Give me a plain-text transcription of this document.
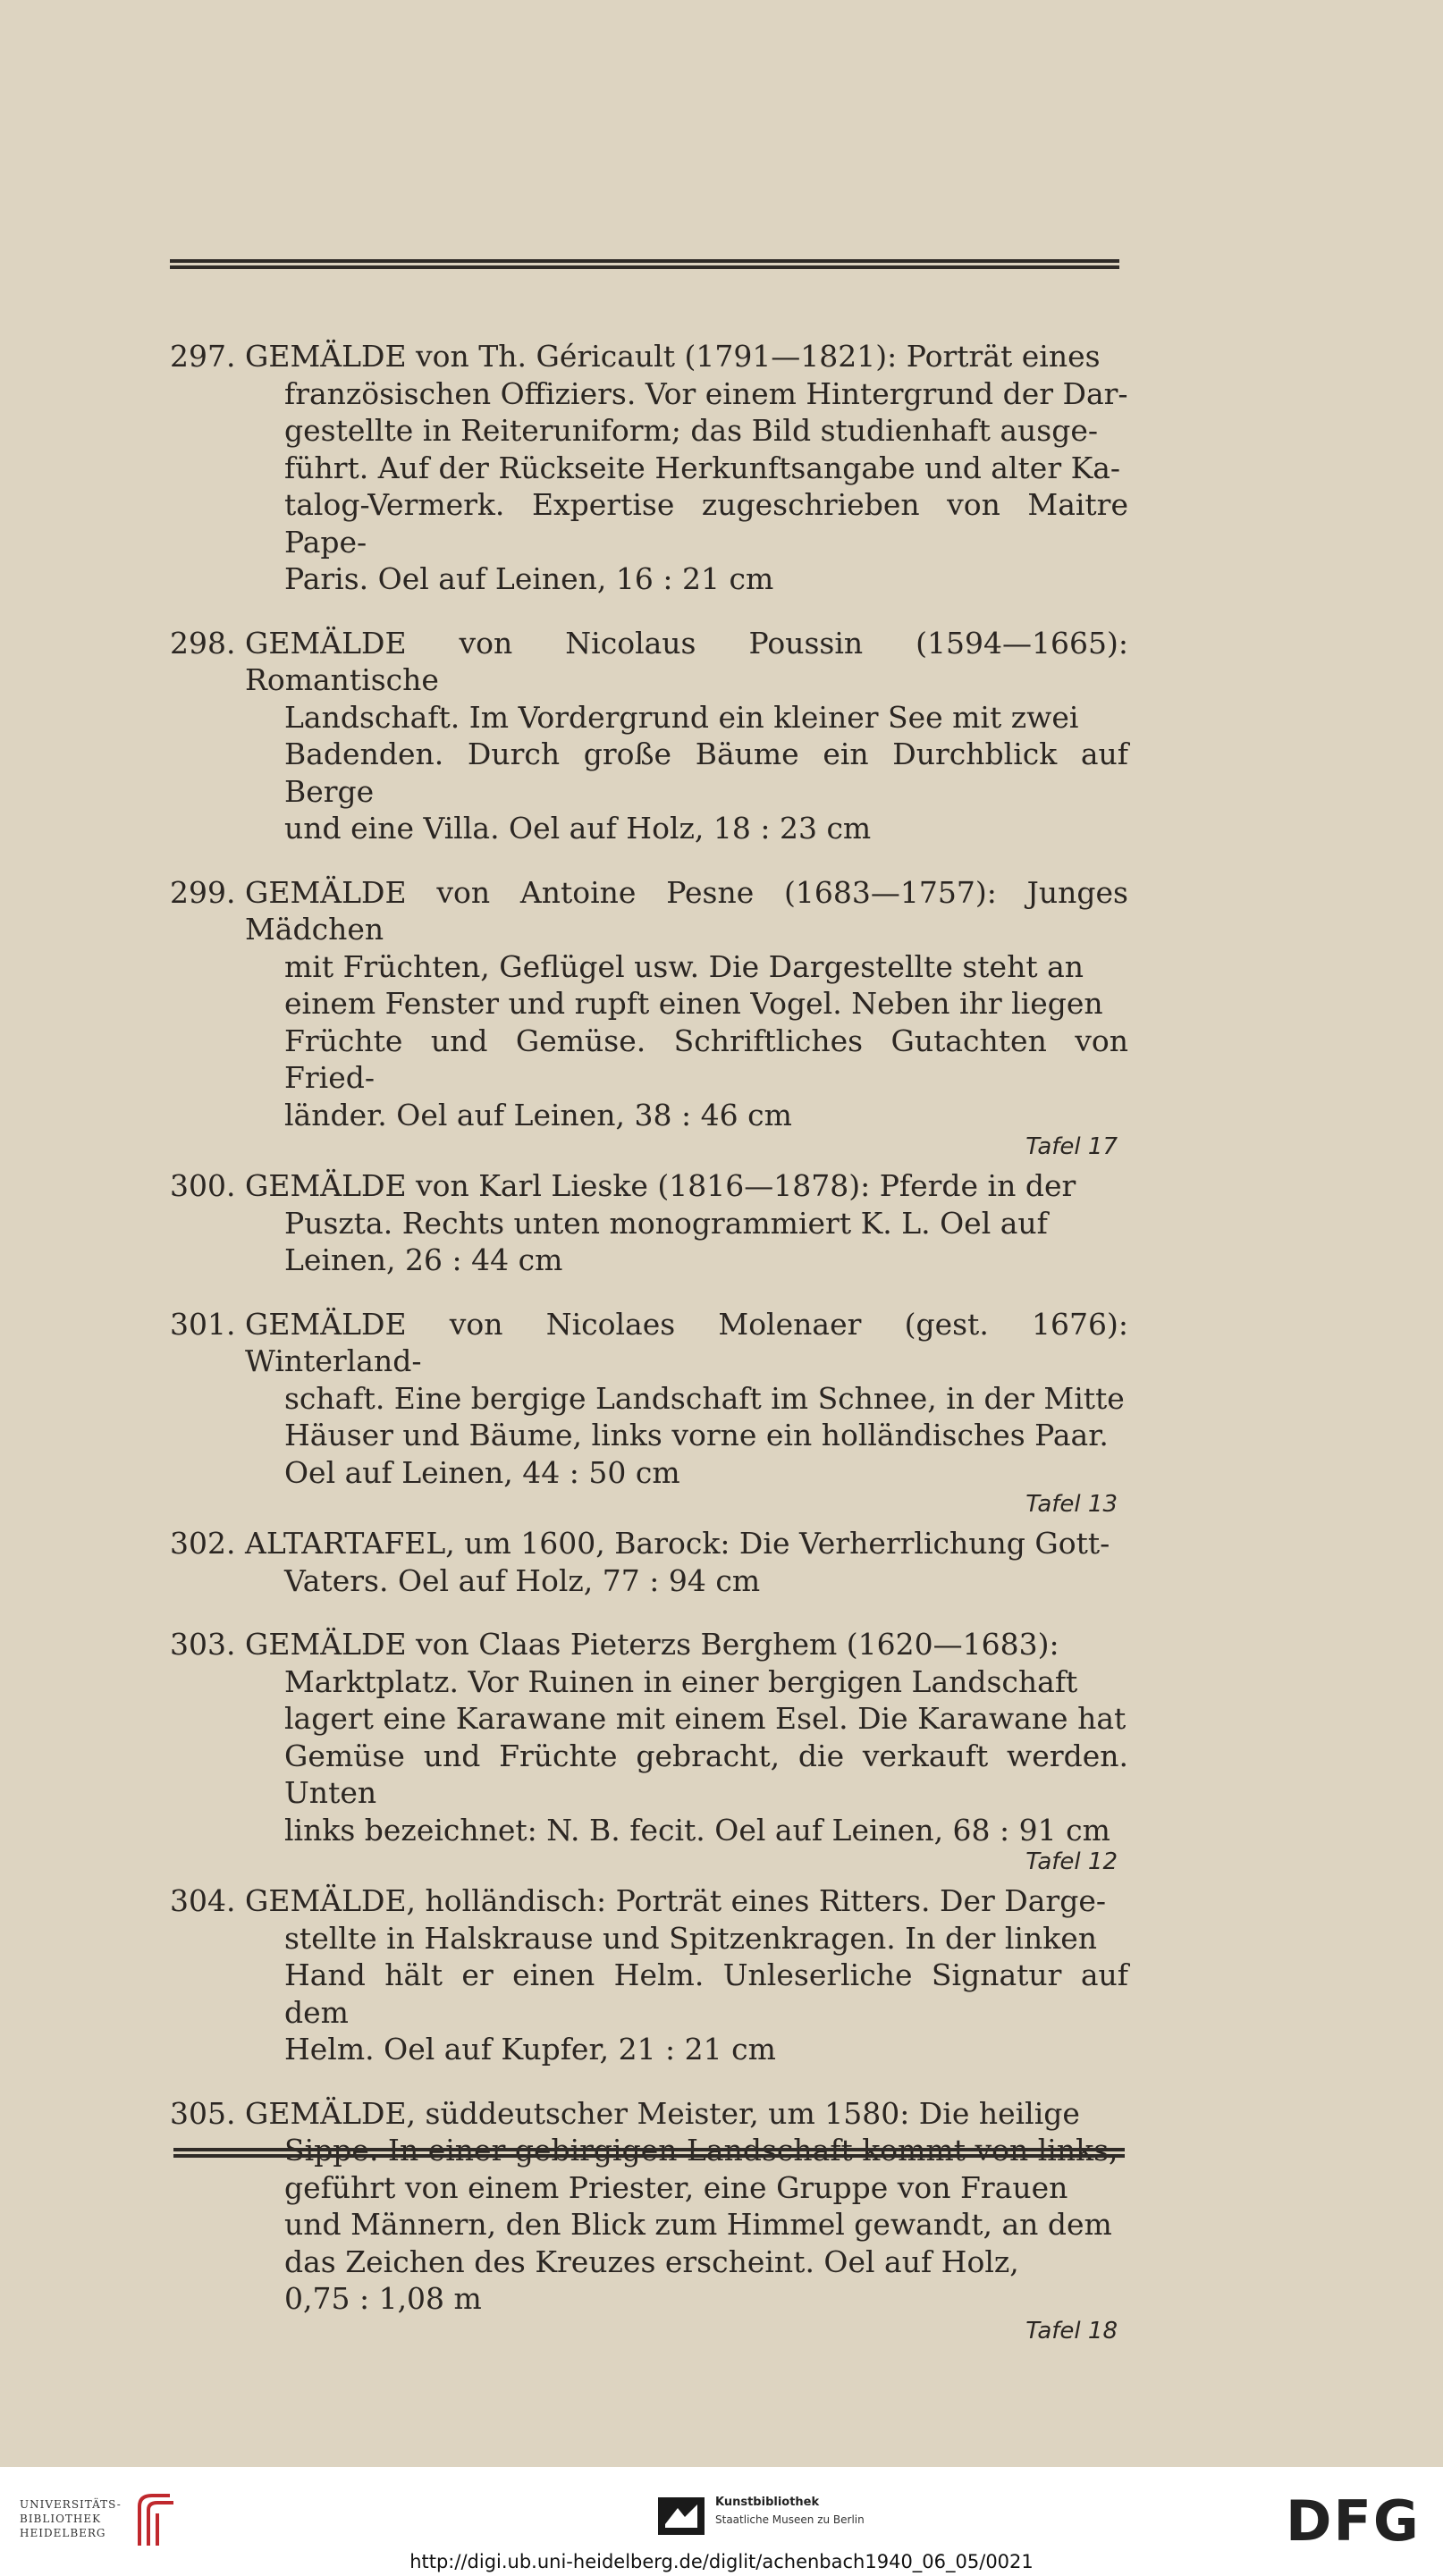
297. GEMÄLDE von Th. Géricault (1791—1821): Porträt eines
französischen Offiziers. Vor einem Hintergrund der Dar-
gestellte in Reiteruniform; das Bild studienhaft ausge-
führt. Auf der Rückseite Herkunftsangabe und alter Ka-
talog-Vermerk. Expertise zugeschrieben von Maitre Pape-
Paris. Oel auf Leinen, 16 : 21 cm
298. GEMÄLDE von Nicolaus Poussin (1594—1665): Romantische
Landschaft. Im Vordergrund ein kleiner See mit zwei
Badenden. Durch große Bäume ein Durchblick auf Berge
und eine Villa. Oel auf Holz, 18 : 23 cm
299. GEMÄLDE von Antoine Pesne (1683—1757): Junges Mädchen
mit Früchten, Geflügel usw. Die Dargestellte steht an
einem Fenster und rupft einen Vogel. Neben ihr liegen
Früchte und Gemüse. Schriftliches Gutachten von Fried-
länder. Oel auf Leinen, 38 : 46 cm
Tafel 17
300. GEMÄLDE von Karl Lieske (1816—1878): Pferde in der
Puszta. Rechts unten monogrammiert K. L. Oel auf
Leinen, 26 : 44 cm
301. GEMÄLDE von Nicolaes Molenaer (gest. 1676): Winterland-
schaft. Eine bergige Landschaft im Schnee, in der Mitte
Häuser und Bäume, links vorne ein holländisches Paar.
Oel auf Leinen, 44 : 50 cm
Tafel 13
302. ALTARTAFEL, um 1600, Barock: Die Verherrlichung Gott-
Vaters. Oel auf Holz, 77 : 94 cm
303. GEMÄLDE von Claas Pieterzs Berghem (1620—1683):
Marktplatz. Vor Ruinen in einer bergigen Landschaft
lagert eine Karawane mit einem Esel. Die Karawane hat
Gemüse und Früchte gebracht, die verkauft werden. Unten
links bezeichnet: N. B. fecit. Oel auf Leinen, 68 : 91 cm
Tafel 12
304. GEMÄLDE, holländisch: Porträt eines Ritters. Der Darge-
stellte in Halskrause und Spitzenkragen. In der linken
Hand hält er einen Helm. Unleserliche Signatur auf dem
Helm. Oel auf Kupfer, 21 : 21 cm
305. GEMÄLDE, süddeutscher Meister, um 1580: Die heilige
geführt von einem Priester, eine Gruppe von Frauen
und Männern, den Blick zum Himmel gewandt, an dem
das Zeichen des Kreuzes erscheint. Oel auf Holz,
0,75 : 1,08 m
Tafel 18
UNIVERSITÄTS-
BIBLIOTHEK
HEIDELBERG
Kunstbibliothek
Staatliche Museen zu Berlin	DFG
http://digi.ub.uni-heidelberg.de/diglit/achenbach1940_06_05/0021
